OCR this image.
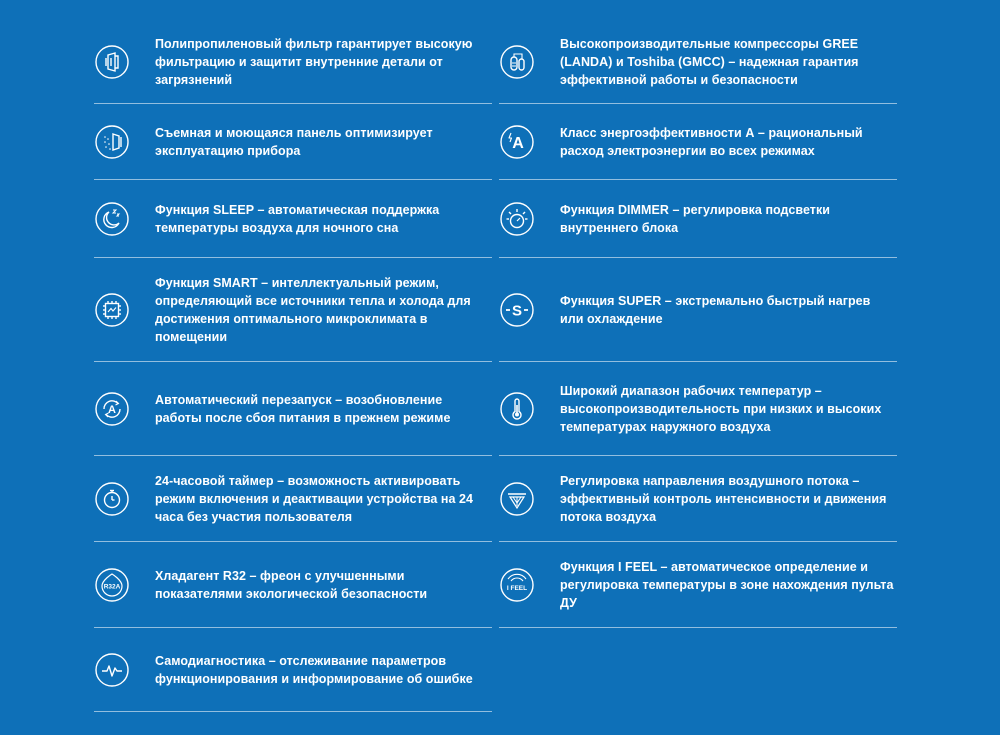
Полипропиленовый фильтр гарантирует высокую фильтрацию и защитит внутренние детали от загрязнений
Съемная и моющаяся панель оптимизирует эксплуатацию прибора
Функция SLEEP – автоматическая поддержка температуры воздуха для ночного сна
Функция SMART – интеллектуальный режим, определяющий все источники тепла и холода для достижения оптимального микроклимата в помещении
A
Автоматический перезапуск – возобновление работы после сбоя питания в прежнем режиме
24-часовой таймер – возможность активировать режим включения и деактивации устройства на 24 часа без участия пользователя
R32A
Хладагент R32 – фреон с улучшенными показателями экологической безопасности
Самодиагностика – отслеживание параметров функционирования и информирование об ошибке
Высокопроизводительные компрессоры GREE (LANDA) и Toshiba (GMCC) – надежная гарантия эффективной работы и безопасности
A
Класс энергоэффективности А – рациональный расход электроэнергии во всех режимах
Функция DIMMER – регулировка подсветки внутреннего блока
S
Функция SUPER – экстремально быстрый нагрев или охлаждение
Широкий диапазон рабочих температур – высокопроизводительность при низких и высоких температурах наружного воздуха
Регулировка направления воздушного потока – эффективный контроль интенсивности и движения потока воздуха
I FEEL
Функция I FEEL – автоматическое определение и регулировка температуры в зоне нахождения пульта ДУ
